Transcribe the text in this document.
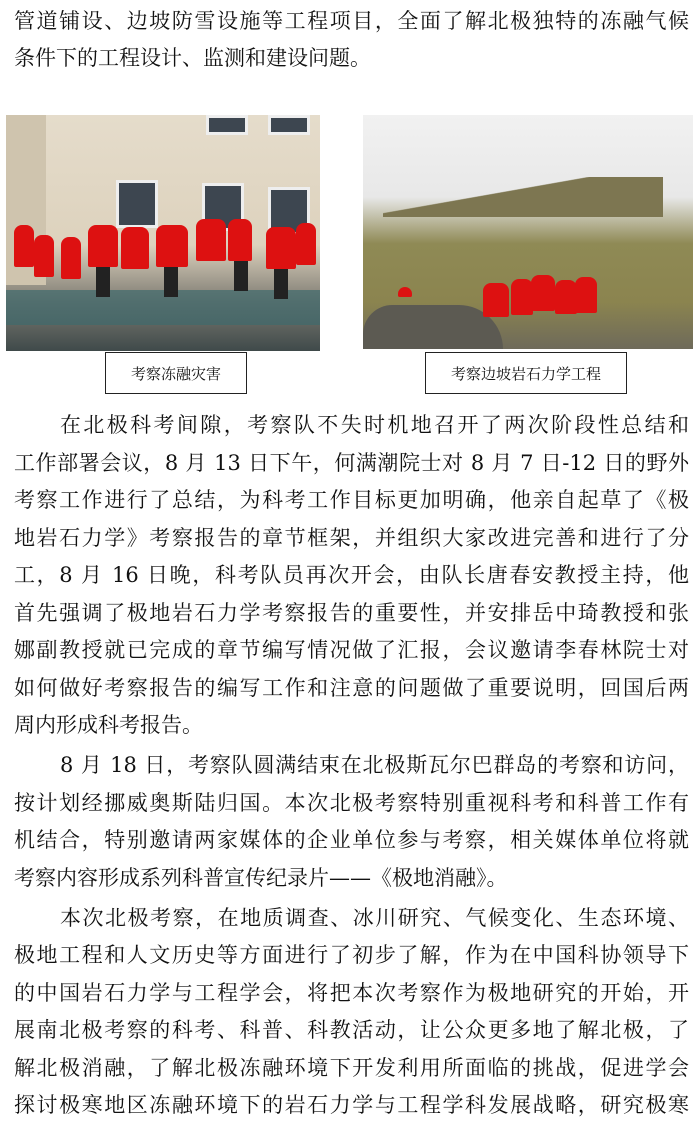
管道铺设、边坡防雪设施等工程项目，全面了解北极独特的冻融气候
条件下的工程设计、监测和建设问题。
考察冻融灾害	考察边坡岩石力学工程
在北极科考间隙，考察队不失时机地召开了两次阶段性总结和
工作部署会议，8 月 13 日下午，何满潮院士对 8 月 7 日-12 日的野外
考察工作进行了总结，为科考工作目标更加明确，他亲自起草了《极
地岩石力学》考察报告的章节框架，并组织大家改进完善和进行了分
工，8 月 16 日晚，科考队员再次开会，由队长唐春安教授主持，他
首先强调了极地岩石力学考察报告的重要性，并安排岳中琦教授和张
娜副教授就已完成的章节编写情况做了汇报，会议邀请李春林院士对
如何做好考察报告的编写工作和注意的问题做了重要说明，回国后两
周内形成科考报告。
8 月 18 日，考察队圆满结束在北极斯瓦尔巴群岛的考察和访问，
按计划经挪威奥斯陆归国。本次北极考察特别重视科考和科普工作有
机结合，特别邀请两家媒体的企业单位参与考察，相关媒体单位将就
考察内容形成系列科普宣传纪录片——《极地消融》。
本次北极考察，在地质调查、冰川研究、气候变化、生态环境、
极地工程和人文历史等方面进行了初步了解，作为在中国科协领导下
的中国岩石力学与工程学会，将把本次考察作为极地研究的开始，开
展南北极考察的科考、科普、科教活动，让公众更多地了解北极，了
解北极消融，了解北极冻融环境下开发利用所面临的挑战，促进学会
探讨极寒地区冻融环境下的岩石力学与工程学科发展战略，研究极寒
